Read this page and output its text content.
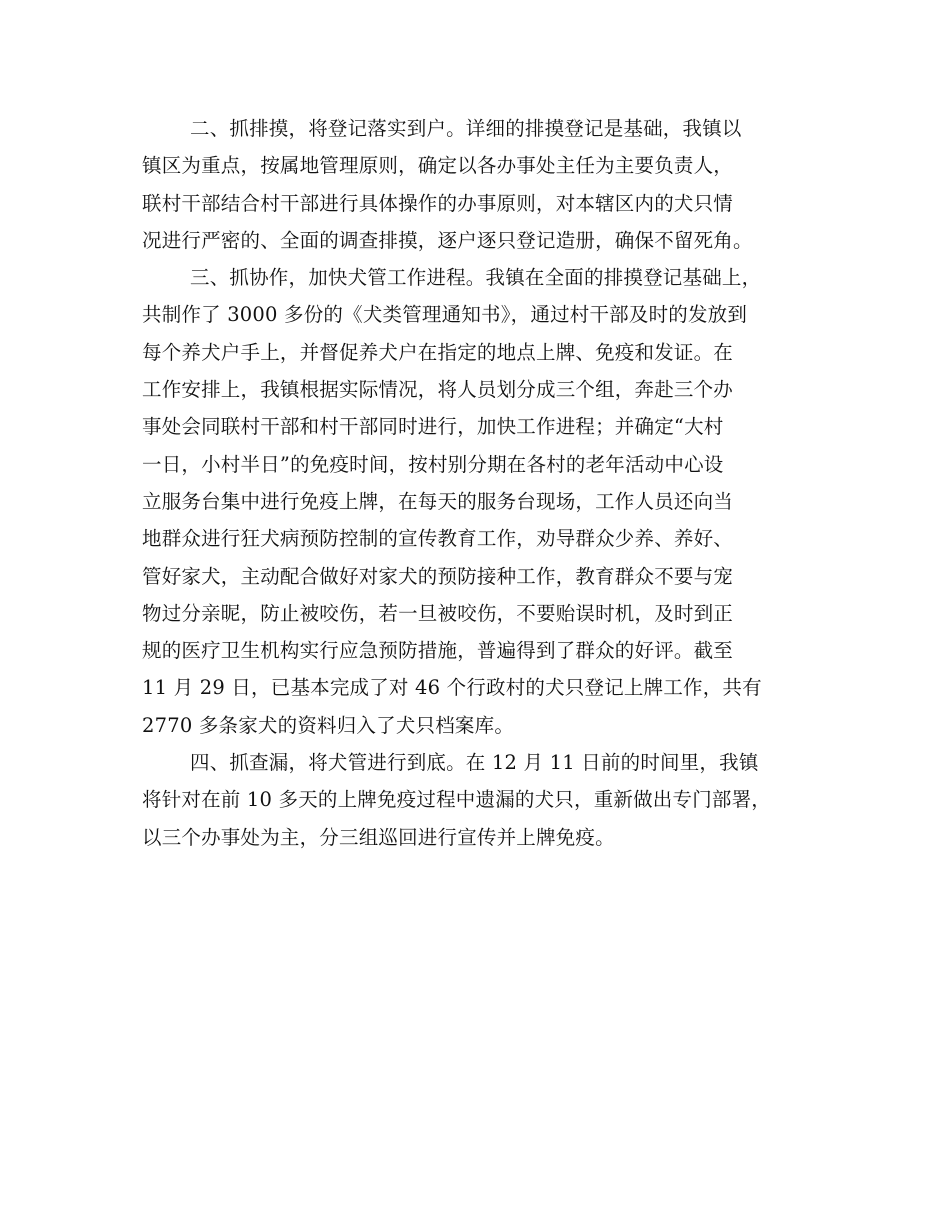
二、抓排摸，将登记落实到户。详细的排摸登记是基础，我镇以
镇区为重点，按属地管理原则，确定以各办事处主任为主要负责人，
联村干部结合村干部进行具体操作的办事原则，对本辖区内的犬只情
况进行严密的、全面的调查排摸，逐户逐只登记造册，确保不留死角。
三、抓协作，加快犬管工作进程。我镇在全面的排摸登记基础上，
共制作了 3000 多份的《犬类管理通知书》，通过村干部及时的发放到
每个养犬户手上，并督促养犬户在指定的地点上牌、免疫和发证。在
工作安排上，我镇根据实际情况，将人员划分成三个组，奔赴三个办
事处会同联村干部和村干部同时进行，加快工作进程；并确定“大村
一日，小村半日”的免疫时间，按村别分期在各村的老年活动中心设
立服务台集中进行免疫上牌，在每天的服务台现场，工作人员还向当
地群众进行狂犬病预防控制的宣传教育工作，劝导群众少养、养好、
管好家犬，主动配合做好对家犬的预防接种工作，教育群众不要与宠
物过分亲昵，防止被咬伤，若一旦被咬伤，不要贻误时机，及时到正
规的医疗卫生机构实行应急预防措施，普遍得到了群众的好评。截至
11 月 29 日，已基本完成了对 46 个行政村的犬只登记上牌工作，共有
2770 多条家犬的资料归入了犬只档案库。
四、抓查漏，将犬管进行到底。在 12 月 11 日前的时间里，我镇
将针对在前 10 多天的上牌免疫过程中遗漏的犬只，重新做出专门部署，
以三个办事处为主，分三组巡回进行宣传并上牌免疫。
